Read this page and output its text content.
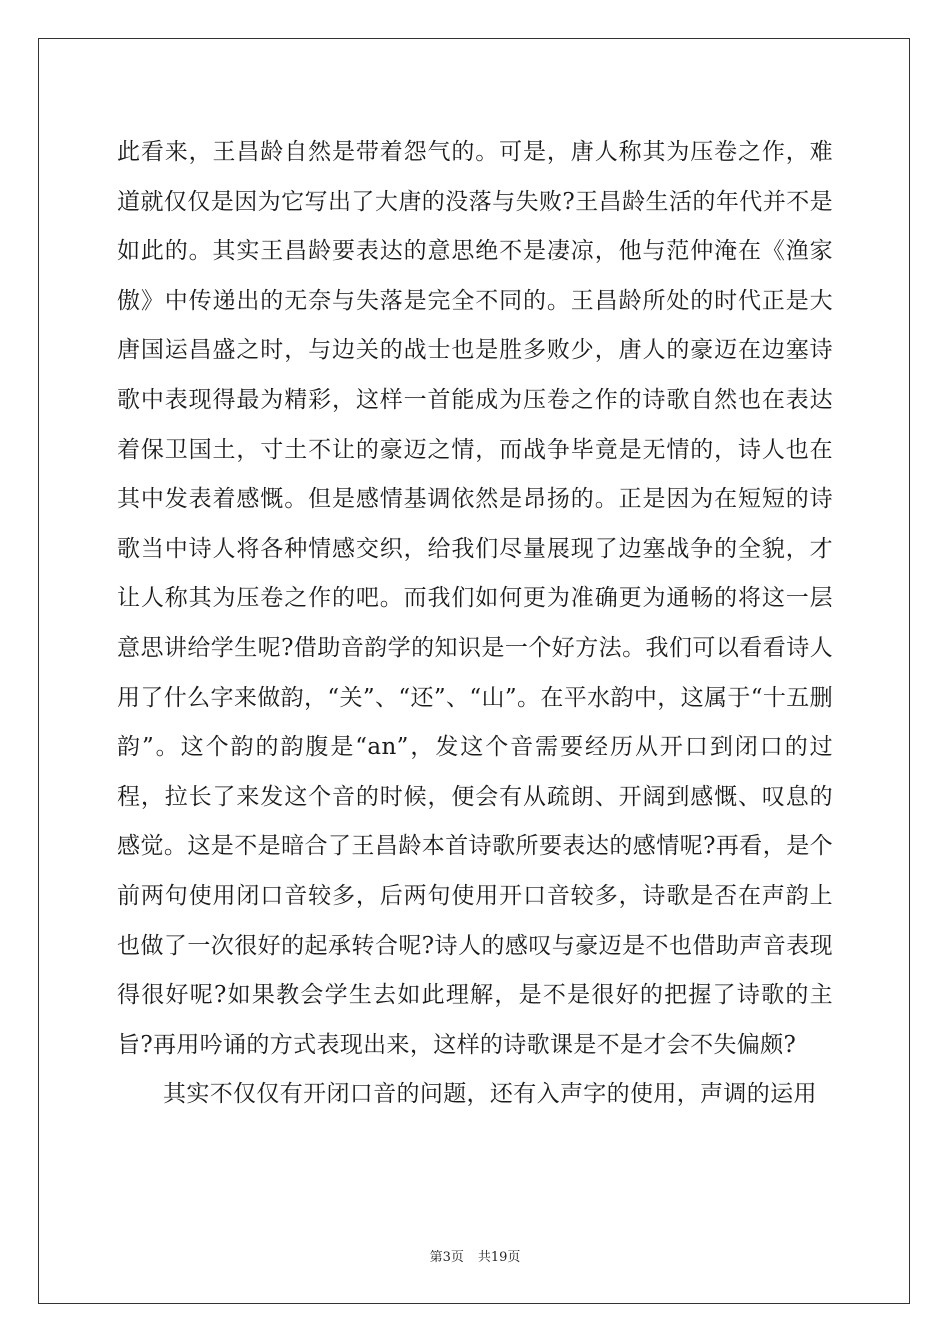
此看来，王昌龄自然是带着怨气的。可是，唐人称其为压卷之作，难道就仅仅是因为它写出了大唐的没落与失败?王昌龄生活的年代并不是如此的。其实王昌龄要表达的意思绝不是凄凉，他与范仲淹在《渔家傲》中传递出的无奈与失落是完全不同的。王昌龄所处的时代正是大唐国运昌盛之时，与边关的战士也是胜多败少，唐人的豪迈在边塞诗歌中表现得最为精彩，这样一首能成为压卷之作的诗歌自然也在表达着保卫国土，寸土不让的豪迈之情，而战争毕竟是无情的，诗人也在其中发表着感慨。但是感情基调依然是昂扬的。正是因为在短短的诗歌当中诗人将各种情感交织，给我们尽量展现了边塞战争的全貌，才让人称其为压卷之作的吧。而我们如何更为准确更为通畅的将这一层意思讲给学生呢?借助音韵学的知识是一个好方法。我们可以看看诗人用了什么字来做韵，“关”、“还”、“山”。在平水韵中，这属于“十五删韵”。这个韵的韵腹是“an”，发这个音需要经历从开口到闭口的过程，拉长了来发这个音的时候，便会有从疏朗、开阔到感慨、叹息的感觉。这是不是暗合了王昌龄本首诗歌所要表达的感情呢?再看，是个前两句使用闭口音较多，后两句使用开口音较多，诗歌是否在声韵上也做了一次很好的起承转合呢?诗人的感叹与豪迈是不也借助声音表现得很好呢?如果教会学生去如此理解，是不是很好的把握了诗歌的主旨?再用吟诵的方式表现出来，这样的诗歌课是不是才会不失偏颇?

其实不仅仅有开闭口音的问题，还有入声字的使用，声调的运用

第3页 共19页
